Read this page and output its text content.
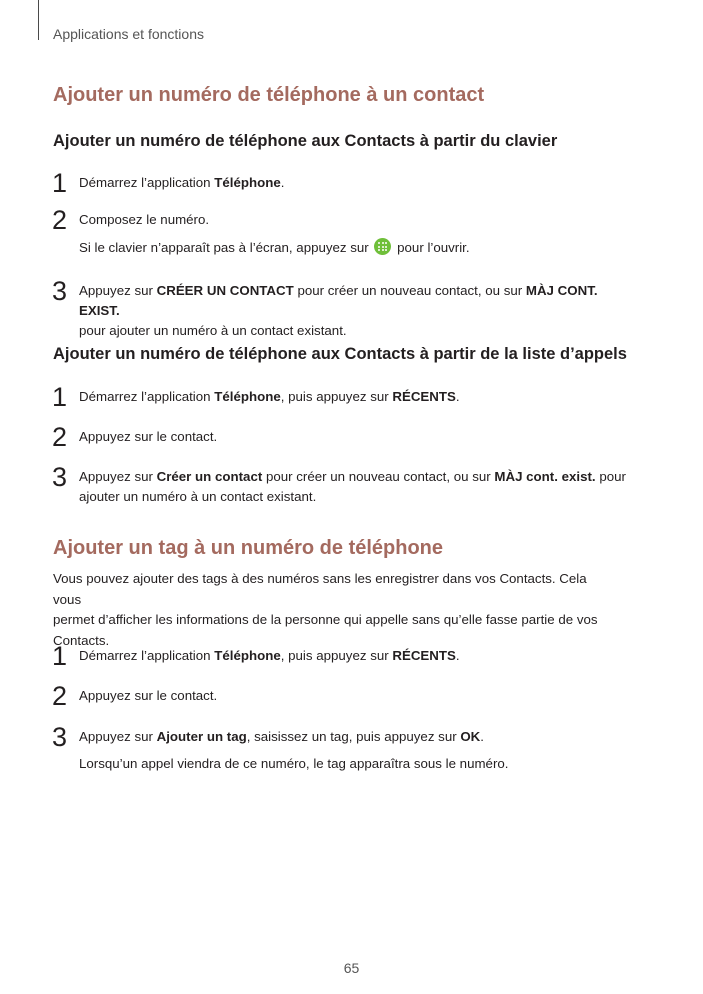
Applications et fonctions
Ajouter un numéro de téléphone à un contact
Ajouter un numéro de téléphone aux Contacts à partir du clavier
1 Démarrez l’application Téléphone.
2 Composez le numéro.
Si le clavier n’apparaît pas à l’écran, appuyez sur pour l’ouvrir.
3 Appuyez sur CRÉER UN CONTACT pour créer un nouveau contact, ou sur MÀJ CONT. EXIST.
pour ajouter un numéro à un contact existant.
Ajouter un numéro de téléphone aux Contacts à partir de la liste d’appels
1 Démarrez l’application Téléphone, puis appuyez sur RÉCENTS.
2 Appuyez sur le contact.
3 Appuyez sur Créer un contact pour créer un nouveau contact, ou sur MÀJ cont. exist. pour
ajouter un numéro à un contact existant.
Ajouter un tag à un numéro de téléphone
Vous pouvez ajouter des tags à des numéros sans les enregistrer dans vos Contacts. Cela vous
permet d’afficher les informations de la personne qui appelle sans qu’elle fasse partie de vos
Contacts.
1 Démarrez l’application Téléphone, puis appuyez sur RÉCENTS.
2 Appuyez sur le contact.
3 Appuyez sur Ajouter un tag, saisissez un tag, puis appuyez sur OK.
Lorsqu’un appel viendra de ce numéro, le tag apparaîtra sous le numéro.
65
